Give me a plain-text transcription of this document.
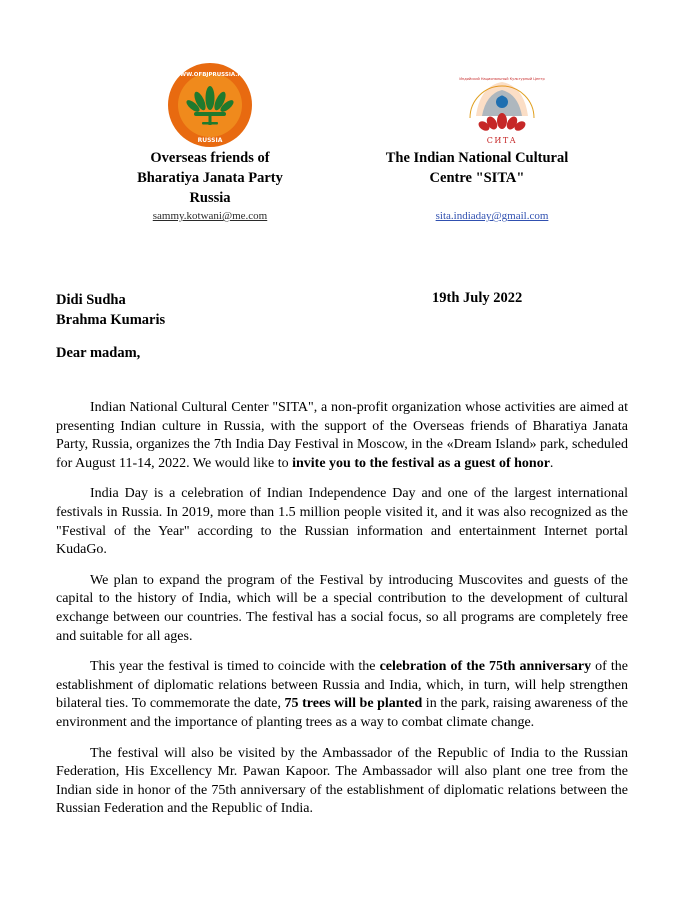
WWW.OFBJPRUSSIA.RU
RUSSIA
Индийский Национальный Культурный Центр
СИТА
Overseas friends of
Bharatiya Janata Party
Russia
The Indian National Cultural
Centre "SITA"
sammy.kotwani@me.com	sita.indiaday@gmail.com
Didi Sudha
Brahma Kumaris
19th July 2022
Dear madam,

Indian National Cultural Center "SITA", a non-profit organization whose activities are aimed at presenting Indian culture in Russia, with the support of the Overseas friends of Bharatiya Janata Party, Russia, organizes the 7th India Day Festival in Moscow, in the «Dream Island» park, scheduled for August 11-14, 2022. We would like to invite you to the festival as a guest of honor.

India Day is a celebration of Indian Independence Day and one of the largest international festivals in Russia. In 2019, more than 1.5 million people visited it, and it was also recognized as the "Festival of the Year" according to the Russian information and entertainment Internet portal KudaGo.

We plan to expand the program of the Festival by introducing Muscovites and guests of the capital to the history of India, which will be a special contribution to the development of cultural exchange between our countries. The festival has a social focus, so all programs are completely free and suitable for all ages.

This year the festival is timed to coincide with the celebration of the 75th anniversary of the establishment of diplomatic relations between Russia and India, which, in turn, will help strengthen bilateral ties. To commemorate the date, 75 trees will be planted in the park, raising awareness of the environment and the importance of planting trees as a way to combat climate change.

The festival will also be visited by the Ambassador of the Republic of India to the Russian Federation, His Excellency Mr. Pawan Kapoor. The Ambassador will also plant one tree from the Indian side in honor of the 75th anniversary of the establishment of diplomatic relations between the Russian Federation and the Republic of India.
